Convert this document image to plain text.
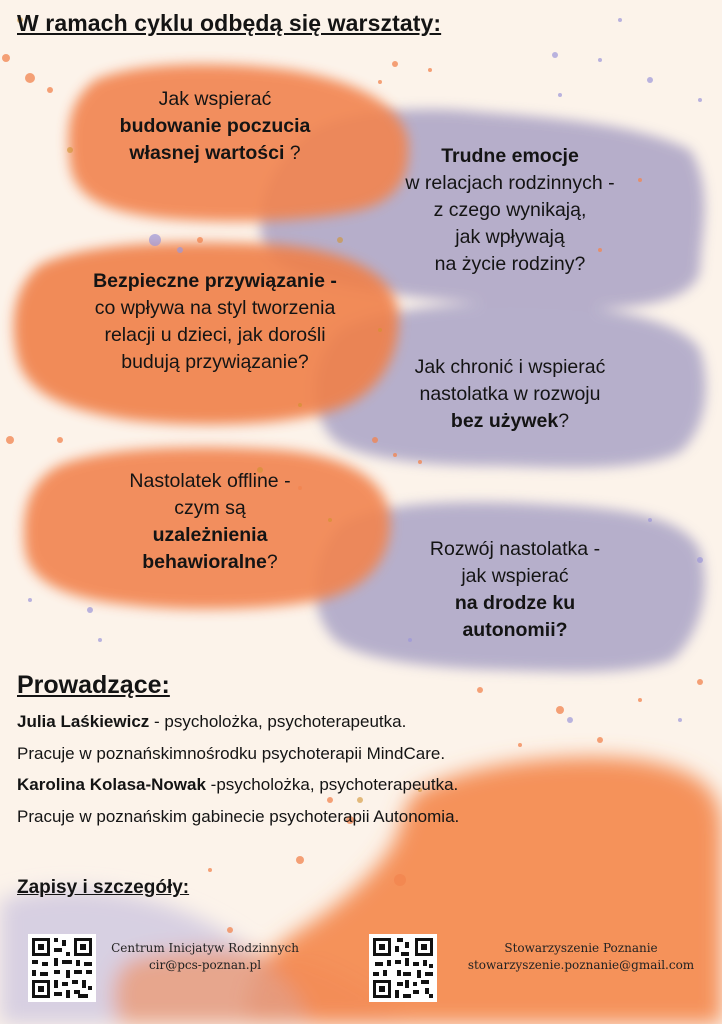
W ramach cyklu odbędą się warsztaty:
Jak wspierać
budowanie poczucia
własnej wartości ?	Trudne emocje
w relacjach rodzinnych -
z czego wynikają,
jak wpływają
na życie rodziny?
Bezpieczne przywiązanie -
co wpływa na styl tworzenia
relacji u dzieci, jak dorośli
budują przywiązanie?	Jak chronić i wspierać
nastolatka w rozwoju
bez używek?
Nastolatek offline -
czym są
uzależnienia
behawioralne?
Rozwój nastolatka -
jak wspierać
na drodze ku
autonomii?
Prowadzące:

Julia Laśkiewicz - psycholożka, psychoterapeutka.

Pracuje w poznańskimnośrodku psychoterapii MindCare.

Karolina Kolasa-Nowak -psycholożka, psychoterapeutka.

Pracuje w poznańskim gabinecie psychoterapii Autonomia.

Zapisy i szczegóły:
Centrum Inicjatyw Rodzinnych
cir@pcs-poznan.pl
Stowarzyszenie Poznanie
stowarzyszenie.poznanie@gmail.com
